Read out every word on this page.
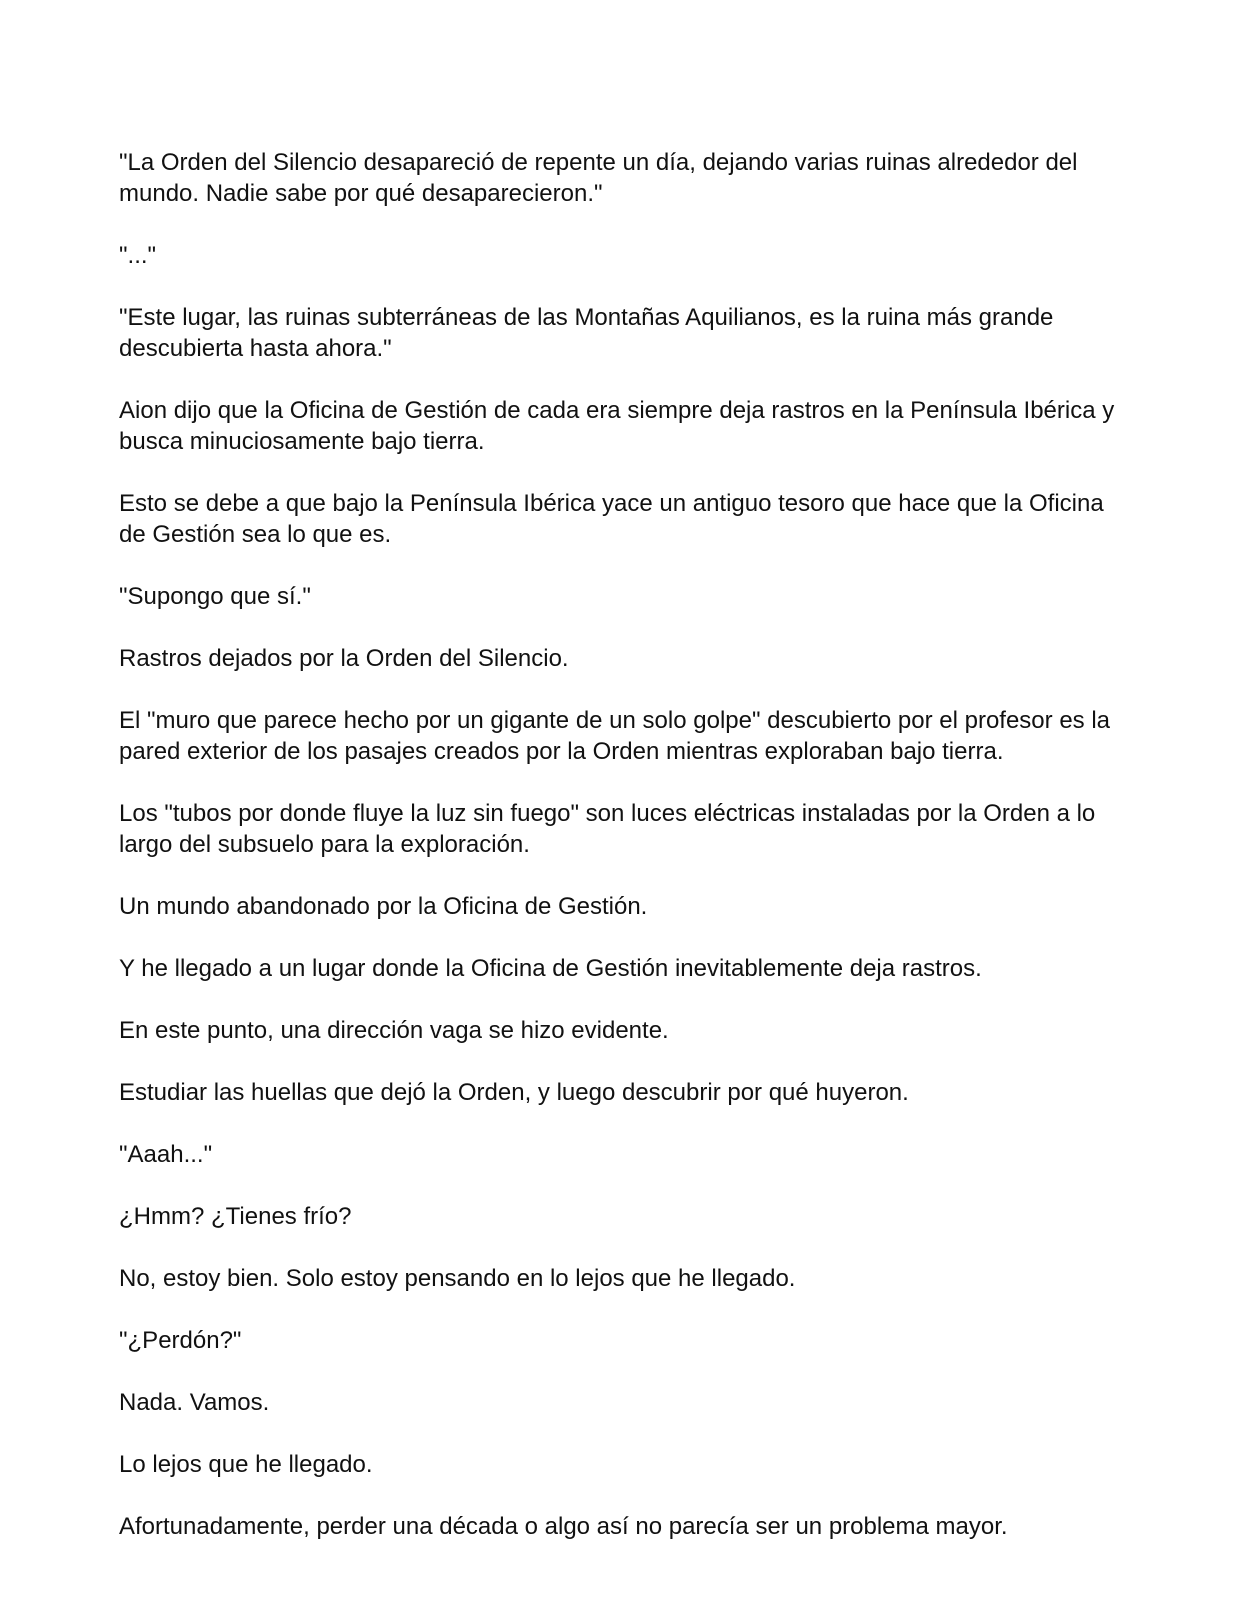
"La Orden del Silencio desapareció de repente un día, dejando varias ruinas alrededor del mundo. Nadie sabe por qué desaparecieron."

"..."

"Este lugar, las ruinas subterráneas de las Montañas Aquilianos, es la ruina más grande descubierta hasta ahora."

Aion dijo que la Oficina de Gestión de cada era siempre deja rastros en la Península Ibérica y busca minuciosamente bajo tierra.

Esto se debe a que bajo la Península Ibérica yace un antiguo tesoro que hace que la Oficina de Gestión sea lo que es.

"Supongo que sí."

Rastros dejados por la Orden del Silencio.

El "muro que parece hecho por un gigante de un solo golpe" descubierto por el profesor es la pared exterior de los pasajes creados por la Orden mientras exploraban bajo tierra.

Los "tubos por donde fluye la luz sin fuego" son luces eléctricas instaladas por la Orden a lo largo del subsuelo para la exploración.

Un mundo abandonado por la Oficina de Gestión.

Y he llegado a un lugar donde la Oficina de Gestión inevitablemente deja rastros.

En este punto, una dirección vaga se hizo evidente.

Estudiar las huellas que dejó la Orden, y luego descubrir por qué huyeron.

"Aaah..."

¿Hmm? ¿Tienes frío?

No, estoy bien. Solo estoy pensando en lo lejos que he llegado.

"¿Perdón?"

Nada. Vamos.

Lo lejos que he llegado.

Afortunadamente, perder una década o algo así no parecía ser un problema mayor.
